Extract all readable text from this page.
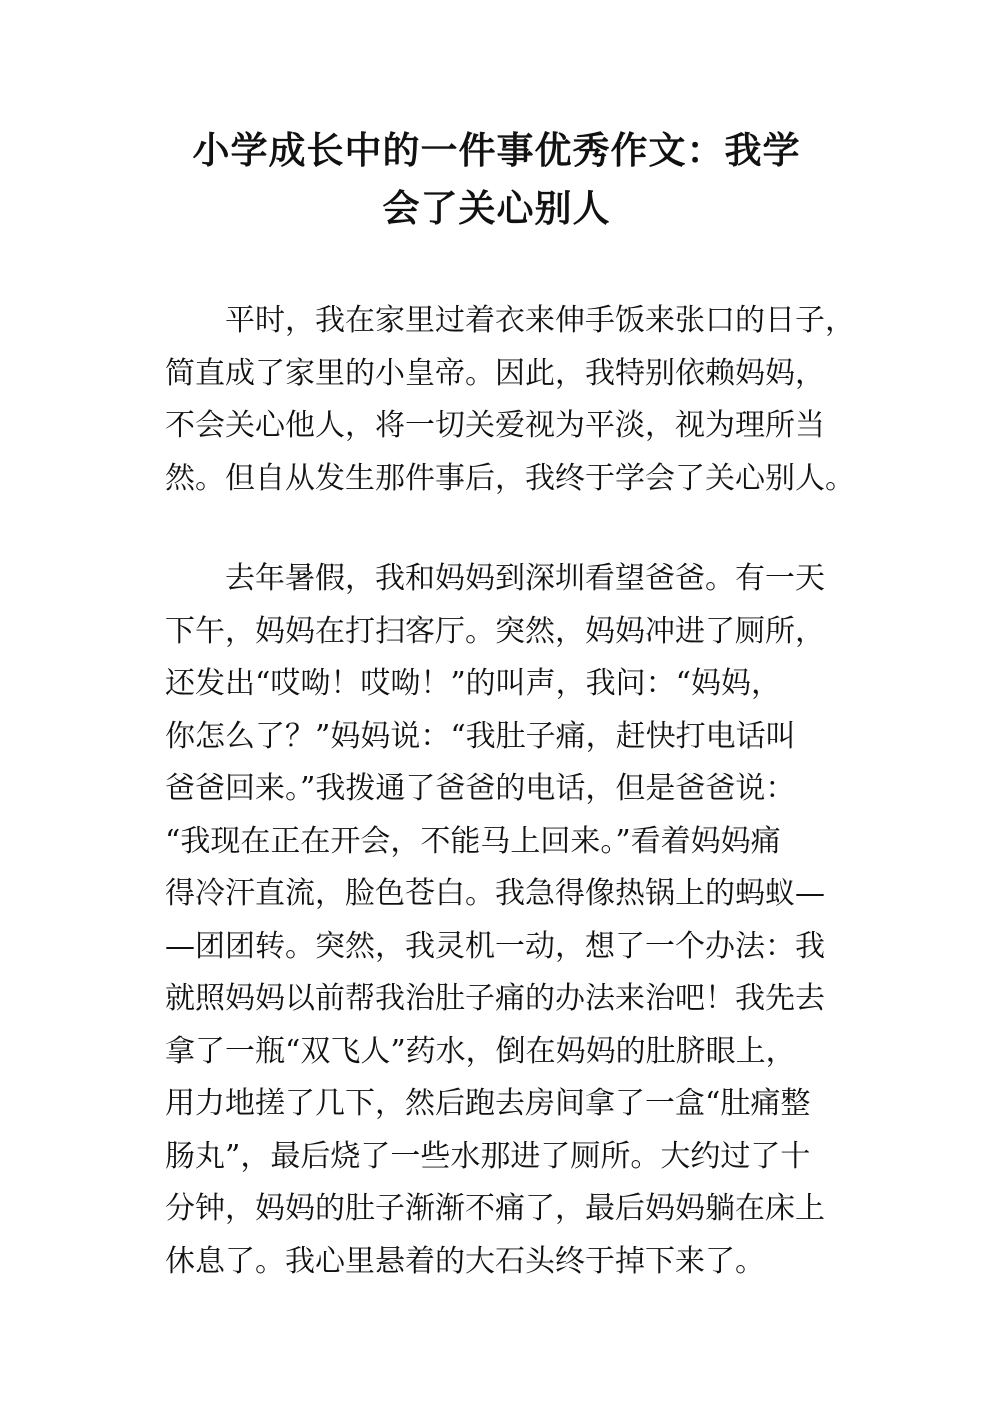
小学成长中的一件事优秀作文：我学
会了关心别人
　　平时，我在家里过着衣来伸手饭来张口的日子，
简直成了家里的小皇帝。因此，我特别依赖妈妈，
不会关心他人，将一切关爱视为平淡，视为理所当
然。但自从发生那件事后，我终于学会了关心别人。
　　去年暑假，我和妈妈到深圳看望爸爸。有一天
下午，妈妈在打扫客厅。突然，妈妈冲进了厕所，
还发出“哎呦！哎呦！”的叫声，我问：“妈妈，
你怎么了？”妈妈说：“我肚子痛，赶快打电话叫
爸爸回来。”我拨通了爸爸的电话，但是爸爸说：
“我现在正在开会，不能马上回来。”看着妈妈痛
得冷汗直流，脸色苍白。我急得像热锅上的蚂蚁—
—团团转。突然，我灵机一动，想了一个办法：我
就照妈妈以前帮我治肚子痛的办法来治吧！我先去
拿了一瓶“双飞人”药水，倒在妈妈的肚脐眼上，
用力地搓了几下，然后跑去房间拿了一盒“肚痛整
肠丸”，最后烧了一些水那进了厕所。大约过了十
分钟，妈妈的肚子渐渐不痛了，最后妈妈躺在床上
休息了。我心里悬着的大石头终于掉下来了。
